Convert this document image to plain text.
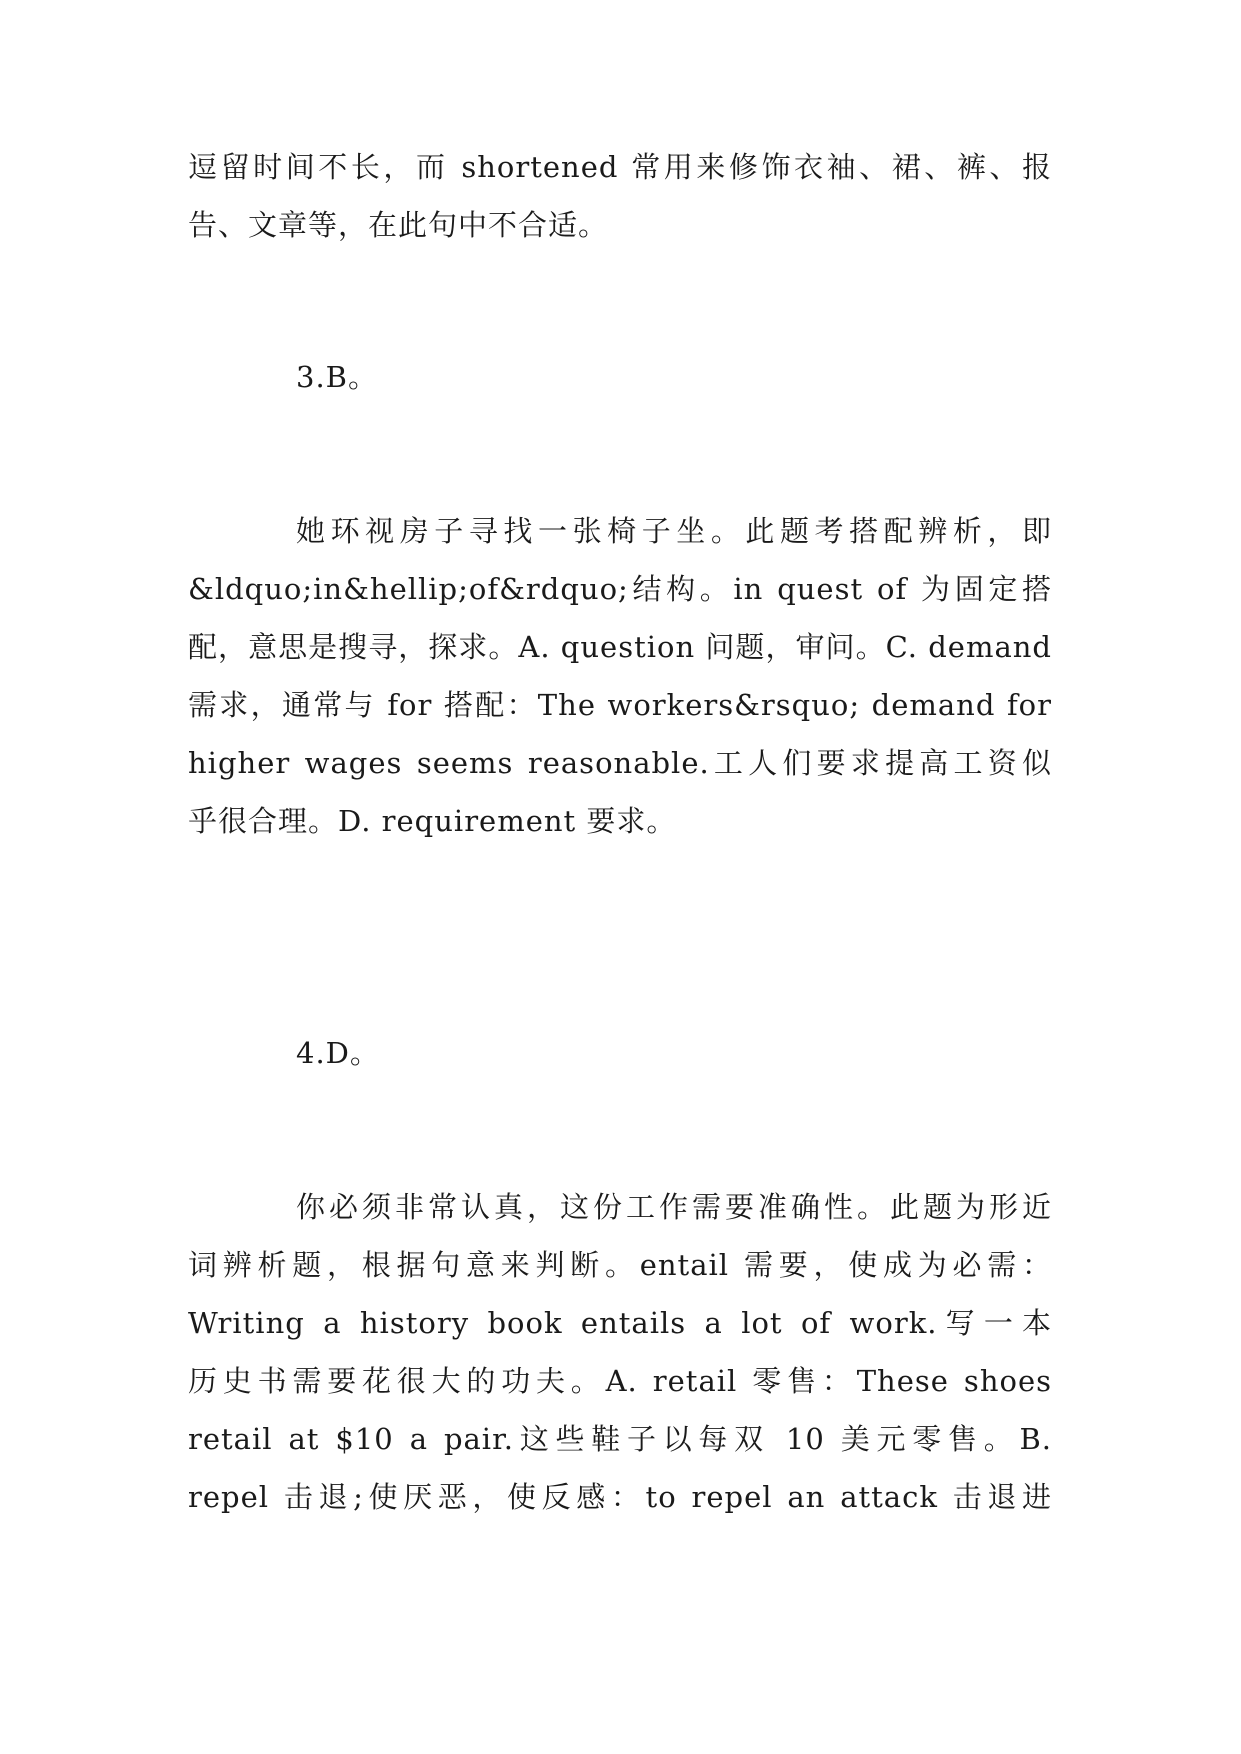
逗留时间不长，而 shortened 常用来修饰衣袖、裙、裤、报
告、文章等，在此句中不合适。

3.B。

她环视房子寻找一张椅子坐。此题考搭配辨析，即
&ldquo;in&hellip;of&rdquo;结构。in quest of 为固定搭
配，意思是搜寻，探求。A. question 问题，审问。C. demand
需求，通常与 for 搭配：The workers&rsquo; demand for
higher wages seems reasonable.工人们要求提高工资似
乎很合理。D. requirement 要求。

4.D。

你必须非常认真，这份工作需要准确性。此题为形近
词辨析题，根据句意来判断。entail 需要，使成为必需：
Writing a history book entails a lot of work.写一本
历史书需要花很大的功夫。A. retail 零售：These shoes
retail at $10 a pair.这些鞋子以每双 10 美元零售。B.
repel 击退;使厌恶，使反感：to repel an attack 击退进
